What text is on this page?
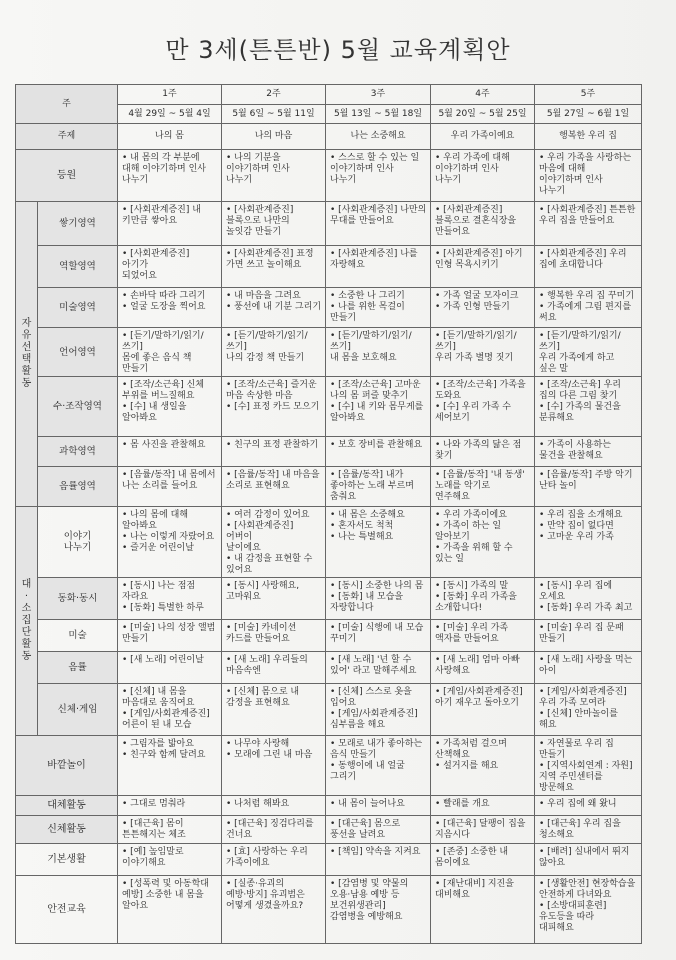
만 3세(튼튼반) 5월 교육계획안
주		1주	2주	3주	4주	5주
		4월 29일 ~ 5월 4일	5월 6일 ~ 5월 11일	5월 13일 ~ 5월 18일	5월 20일 ~ 5월 25일	5월 27일 ~ 6월 1일
주제		나의 몸	나의 마음	나는 소중해요	우리 가족이예요	행복한 우리 집
등원		• 내 몸의 각 부분에
대해 이야기하며 인사
나누기	• 나의 기분을
이야기하며 인사
나누기	• 스스로 할 수 있는 일
이야기하며 인사
나누기	• 우리 가족에 대해
이야기하며 인사
나누기	• 우리 가족을 사랑하는
마음에 대해
이야기하며 인사
나누기
자유선택활동	쌓기영역	• [사회관계증진] 내
키만큼 쌓아요	• [사회관계증진]
블록으로 나만의
놀잇감 만들기	• [사회관계증진] 나만의
무대를 만들어요	• [사회관계증진]
블록으로 결혼식장을
만들어요	• [사회관계증진] 튼튼한
우리 집을 만들어요
	역할영역	• [사회관계증진] 아기가
되었어요	• [사회관계증진] 표정
가면 쓰고 놀이해요	• [사회관계증진] 나를
자랑해요	• [사회관계증진] 아기
인형 목욕시키기	• [사회관계증진] 우리
집에 초대합니다
	미술영역	• 손바닥 따라 그리기
• 얼굴 도장을 찍어요	• 내 마음을 그려요
• 풍선에 내 기분 그리기	• 소중한 나 그리기
• 나를 위한 목걸이
만들기	• 가족 얼굴 모자이크
• 가족 인형 만들기	• 행복한 우리 집 꾸미기
• 가족에게 그림 편지를
써요
	언어영역	• [듣기/말하기/읽기/쓰기]
몸에 좋은 음식 책
만들기	• [듣기/말하기/읽기/쓰기]
나의 감정 책 만들기	• [듣기/말하기/읽기/쓰기]
내 몸을 보호해요	• [듣기/말하기/읽기/쓰기]
우리 가족 별명 짓기	• [듣기/말하기/읽기/쓰기]
우리 가족에게 하고
싶은 말
	수·조작영역	• [조작/소근육] 신체
부위를 버느질해요
• [수] 내 생일을
알아봐요	• [조작/소근육] 즐거운
마음 속상한 마음
• [수] 표정 카드 모으기	• [조작/소근육] 고마운
나의 몸 퍼즐 맞추기
• [수] 내 키와 몸무게를
알아봐요	• [조작/소근육] 가족을
도와요
• [수] 우리 가족 수
세어보기	• [조작/소근육] 우리
집의 다른 그림 찾기
• [수] 가족의 물건을
분류해요
	과학영역	• 몸 사진을 관찰해요	• 친구의 표정 관찰하기	• 보호 장비를 관찰해요	• 나와 가족의 닮은 점
찾기	• 가족이 사용하는
물건을 관찰해요
	음률영역	• [음률/동작] 내 몸에서
나는 소리를 들어요	• [음률/동작] 내 마음을
소리로 표현해요	• [음률/동작] 내가
좋아하는 노래 부르며
춤춰요	• [음률/동작] '내 동생'
노래를 악기로
연주해요	• [음률/동작] 주방 악기
난타 놀이
대·소집단활동	이야기
나누기	• 나의 몸에 대해
알아봐요
• 나는 이렇게 자랐어요
• 즐거운 어린이날	• 여러 감정이 있어요
• [사회관계증진] 어버이
날이에요
• 내 감정을 표현할 수
있어요	• 내 몸은 소중해요
• 혼자서도 척척
• 나는 특별해요	• 우리 가족이에요
• 가족이 하는 일
알아보기
• 가족을 위해 할 수
있는 일	• 우리 집을 소개해요
• 만약 집이 없다면
• 고마운 우리 가족
	동화·동시	• [동시] 나는 점점
자라요
• [동화] 특별한 하루	• [동시] 사랑해요,
고마워요	• [동시] 소중한 나의 몸
• [동화] 내 모습을
자랑합니다	• [동시] 가족의 말
• [동화] 우리 가족을
소개합니다!	• [동시] 우리 집에
오세요
• [동화] 우리 가족 최고
	미술	• [미술] 나의 성장 앨범
만들기	• [미술] 카네이션
카드를 만들어요	• [미술] 식행에 내 모습
꾸미기	• [미술] 우리 가족
액자를 만들어요	• [미술] 우리 집 문패
만들기
	음률	• [새 노래] 어린이날	• [새 노래] 우리들의
마음속엔	• [새 노래] '넌 할 수
있어' 라고 말해주세요	• [새 노래] 엄마 아빠
사랑해요	• [새 노래] 사랑을 먹는
아이
	신체·게임	• [신체] 내 몸을
마음대로 움직여요
• [게임/사회관계증진]
어른이 된 내 모습	• [신체] 몸으로 내
감정을 표현해요	• [신체] 스스로 옷을
입어요
• [게임/사회관계증진]
심부름을 해요	• [게임/사회관계증진]
아기 재우고 돌아오기	• [게임/사회관계증진]
우리 가족 모여라
• [신체] 안마놀이를
해요
바깥놀이		• 그림자를 밟아요
• 친구와 함께 달려요	• 나무야 사랑해
• 모래에 그린 내 마음	• 모래로 내가 좋아하는
음식 만들기
• 동행이에 내 얼굴
그리기	• 가족처럼 걸으며
산책해요
• 설거지를 해요	• 자연물로 우리 집
만들기
• [지역사회연계 : 자원]
지역 주민센터를
방문해요
대체활동		• 그대로 멈춰라	• 나처럼 해봐요	• 내 몸이 늘어나요	• 빨래를 개요	• 우리 집에 왜 왔니
신체활동		• [대근육] 몸이
튼튼해지는 체조	• [대근육] 징검다리를
건너요	• [대근육] 몸으로
풍선을 날려요	• [대근육] 달팽이 집을
지음시다	• [대근육] 우리 집을
청소해요
기본생활		• [예] 높임말로
이야기해요	• [효] 사랑하는 우리
가족이에요	• [책임] 약속을 지켜요	• [존중] 소중한 내
몸이에요	• [배려] 실내에서 뛰지
않아요
안전교육		• [성폭력 및 아동학대
예방] 소중한 내 몸을
알아요	• [실종·유괴의
예방·방지] 유괴범은
어떻게 생겼을까요?	• [감염병 및 약물의
오용·남용 예방 등
보건위생관리]
감염병을 예방해요	• [재난대비] 지진을
대비해요	• [생활안전] 현장학습을
안전하게 다녀와요
• [소방대피훈련]
유도등을 따라
대피해요
